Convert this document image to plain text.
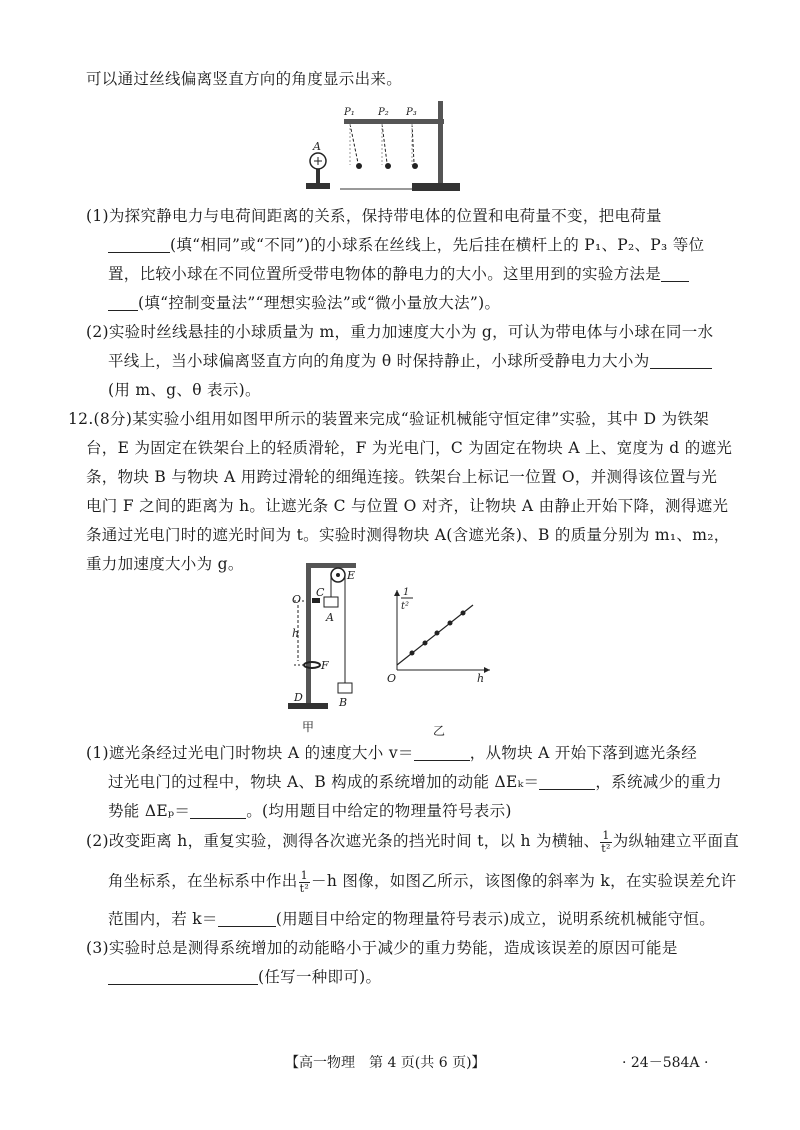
可以通过丝线偏离竖直方向的角度显示出来。
A
P₁ P₂ P₃
(1)为探究静电力与电荷间距离的关系，保持带电体的位置和电荷量不变，把电荷量
(填“相同”或“不同”)的小球系在丝线上，先后挂在横杆上的 P₁、P₂、P₃ 等位
置，比较小球在不同位置所受带电物体的静电力的大小。这里用到的实验方法是
(填“控制变量法”“理想实验法”或“微小量放大法”)。
(2)实验时丝线悬挂的小球质量为 m，重力加速度大小为 g，可认为带电体与小球在同一水
平线上，当小球偏离竖直方向的角度为 θ 时保持静止，小球所受静电力大小为
(用 m、g、θ 表示)。
12.(8分)某实验小组用如图甲所示的装置来完成“验证机械能守恒定律”实验，其中 D 为铁架
台，E 为固定在铁架台上的轻质滑轮，F 为光电门，C 为固定在物块 A 上、宽度为 d 的遮光
条，物块 B 与物块 A 用跨过滑轮的细绳连接。铁架台上标记一位置 O，并测得该位置与光
电门 F 之间的距离为 h。让遮光条 C 与位置 O 对齐，让物块 A 由静止开始下降，测得遮光
条通过光电门时的遮光时间为 t。实验时测得物块 A(含遮光条)、B 的质量分别为 m₁、m₂，
重力加速度大小为 g。
E
A
C
O
h
F
B
D
甲
1
t²
O	h
乙
(1)遮光条经过光电门时物块 A 的速度大小 v＝	，从物块 A 开始下落到遮光条经
过光电门的过程中，物块 A、B 构成的系统增加的动能 ΔEₖ＝	，系统减少的重力
势能 ΔEₚ＝	。(均用题目中给定的物理量符号表示)
(2)改变距离 h，重复实验，测得各次遮光条的挡光时间 t，以 h 为横轴、 $\frac{1}{\text{t²}}$ 为纵轴建立平面直
角坐标系，在坐标系中作出 $\frac{1}{\text{t²}} -h$ 图像，如图乙所示，该图像的斜率为 k，在实验误差允许
范围内，若 k＝	(用题目中给定的物理量符号表示)成立，说明系统机械能守恒。
(3)实验时总是测得系统增加的动能略小于减少的重力势能，造成该误差的原因可能是
(任写一种即可)。
【高一物理　第 4 页(共 6 页)】	· 24－584A ·
